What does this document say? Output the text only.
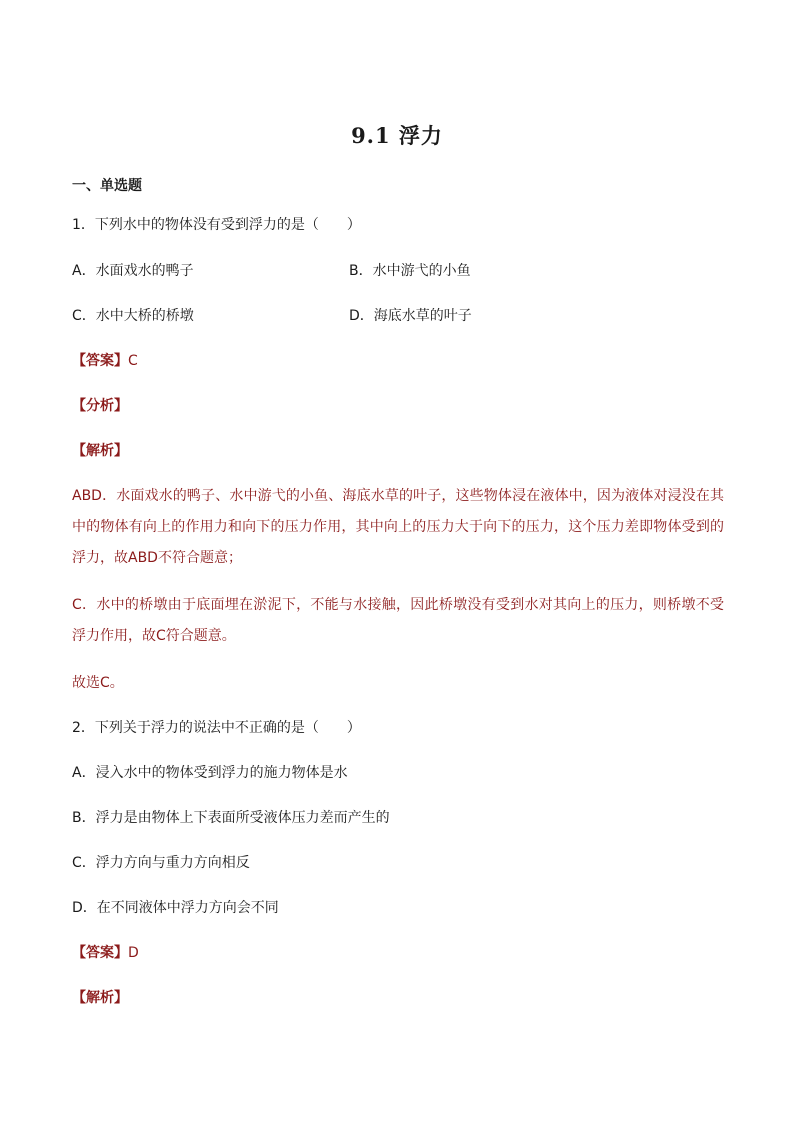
9.1 浮力
一、单选题
1．下列水中的物体没有受到浮力的是（　　）
A．水面戏水的鸭子	B．水中游弋的小鱼
C．水中大桥的桥墩	D．海底水草的叶子
【答案】C
【分析】
【解析】
ABD．水面戏水的鸭子、水中游弋的小鱼、海底水草的叶子，这些物体浸在液体中，因为液体对浸没在其中的物体有向上的作用力和向下的压力作用，其中向上的压力大于向下的压力，这个压力差即物体受到的浮力，故ABD不符合题意；
C．水中的桥墩由于底面埋在淤泥下，不能与水接触，因此桥墩没有受到水对其向上的压力，则桥墩不受浮力作用，故C符合题意。
故选C。
2．下列关于浮力的说法中不正确的是（　　）
A．浸入水中的物体受到浮力的施力物体是水
B．浮力是由物体上下表面所受液体压力差而产生的
C．浮力方向与重力方向相反
D．在不同液体中浮力方向会不同
【答案】D
【解析】
